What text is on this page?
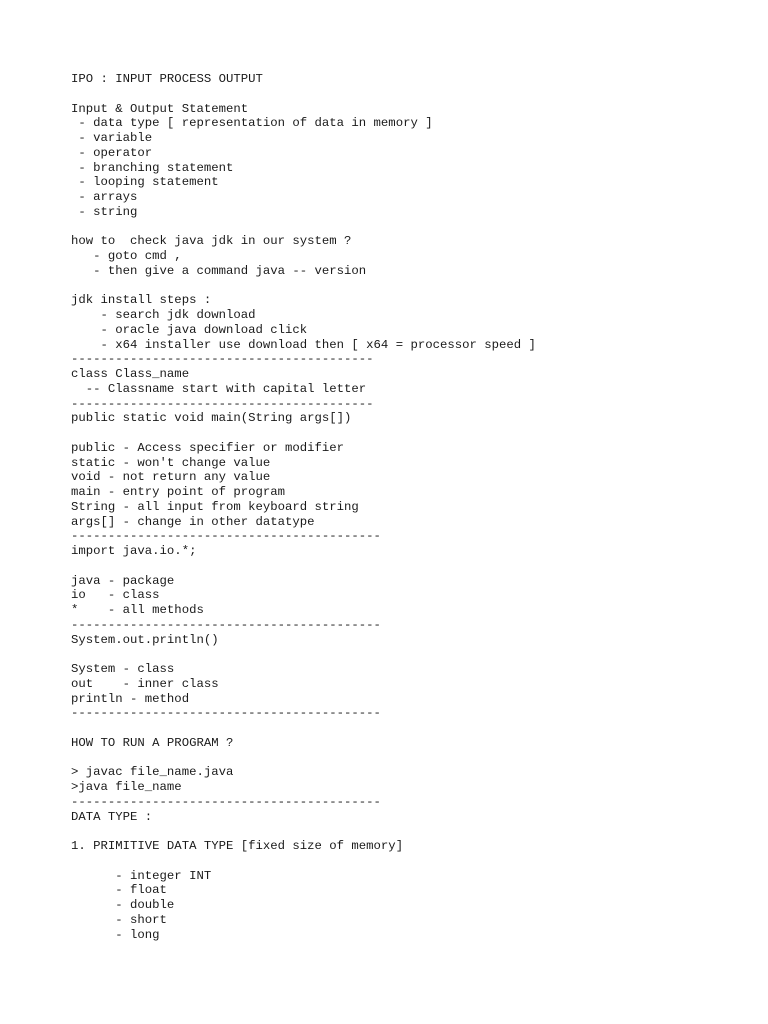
IPO : INPUT PROCESS OUTPUT
Input & Output Statement
- data type [ representation of data in memory ]
- variable
- operator
- branching statement
- looping statement
- arrays
- string
how to  check java jdk in our system ?
- goto cmd ,
- then give a command java -- version
jdk install steps :
- search jdk download
- oracle java download click
- x64 installer use download then [ x64 = processor speed ]
-----------------------------------------
class Class_name
-- Classname start with capital letter
-----------------------------------------
public static void main(String args[])
public - Access specifier or modifier
static - won't change value
void - not return any value
main - entry point of program
String - all input from keyboard string
args[] - change in other datatype
------------------------------------------
import java.io.*;
java - package
io   - class
*    - all methods
------------------------------------------
System.out.println()
System - class
out    - inner class
println - method
------------------------------------------
HOW TO RUN A PROGRAM ?
> javac file_name.java
>java file_name
------------------------------------------
DATA TYPE :
1. PRIMITIVE DATA TYPE [fixed size of memory]
- integer INT
- float
- double
- short
- long
